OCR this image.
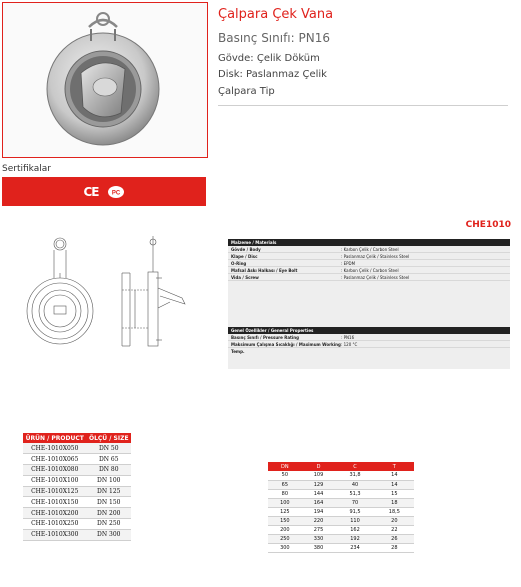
Çalpara Çek Vana
Basınç Sınıfı: PN16
Gövde: Çelik Döküm
Disk: Paslanmaz Çelik
Çalpara Tip
Sertifikalar
CE PC
CHE1010
Malzeme / Materials
Gövde / Body	: Karbon Çelik / Carbon Steel
Klape / Disc	: Paslanmaz Çelik / Stainless Steel
O-Ring	: EPDM
Mafsal Askı Halkası / Eye Bolt	: Karbon Çelik / Carbon Steel
Vida / Screw	: Paslanmaz Çelik / Stainless Steel
Genel Özellikler / General Properties
Basınç Sınıfı / Pressure Rating	: PN16
Maksimum Çalışma Sıcaklığı / Maximum Working Temp.
: 120 °C
ÜRÜN / PRODUCT	ÖLÇÜ / SIZE
CHE-1010X050	DN 50
CHE-1010X065	DN 65
CHE-1010X080	DN 80
CHE-1010X100	DN 100
CHE-1010X125	DN 125
CHE-1010X150	DN 150
CHE-1010X200	DN 200
CHE-1010X250	DN 250
CHE-1010X300	DN 300
DN	D	C	T
50	109	31,8	14
65	129	40	14
80	144	51,3	15
100	164	70	18
125	194	91,5	18,5
150	220	110	20
200	275	162	22
250	330	192	26
300	380	234	28
